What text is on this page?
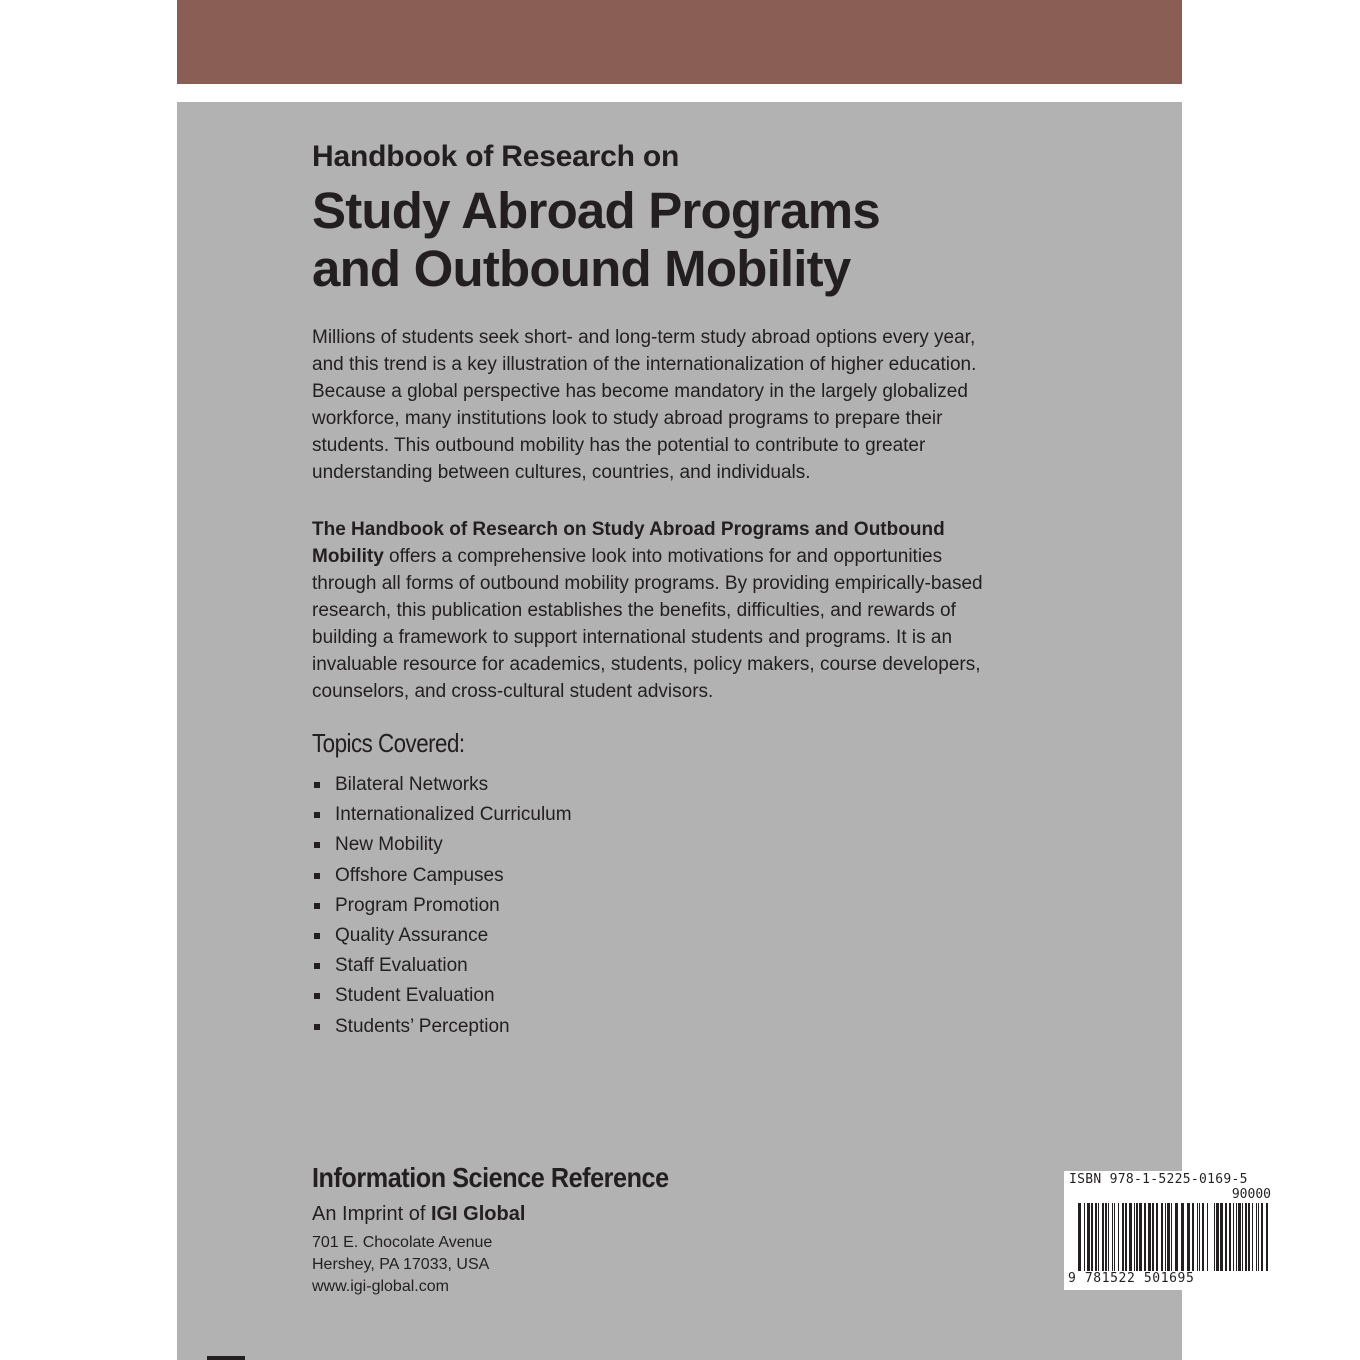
Handbook of Research on
Study Abroad Programs
and Outbound Mobility
Millions of students seek short- and long-term study abroad options every year,
and this trend is a key illustration of the internationalization of higher education.
Because a global perspective has become mandatory in the largely globalized
workforce, many institutions look to study abroad programs to prepare their
students. This outbound mobility has the potential to contribute to greater
understanding between cultures, countries, and individuals.
The Handbook of Research on Study Abroad Programs and Outbound
Mobility offers a comprehensive look into motivations for and opportunities
through all forms of outbound mobility programs. By providing empirically-based
research, this publication establishes the benefits, difficulties, and rewards of
building a framework to support international students and programs. It is an
invaluable resource for academics, students, policy makers, course developers,
counselors, and cross-cultural student advisors.
Topics Covered:
Bilateral Networks
Internationalized Curriculum
New Mobility
Offshore Campuses
Program Promotion
Quality Assurance
Staff Evaluation
Student Evaluation
Students’ Perception
Information Science Reference
An Imprint of IGI Global
701 E. Chocolate Avenue
Hershey, PA 17033, USA
www.igi-global.com
ISBN 978-1-5225-0169-5
90000
9 781522 501695
